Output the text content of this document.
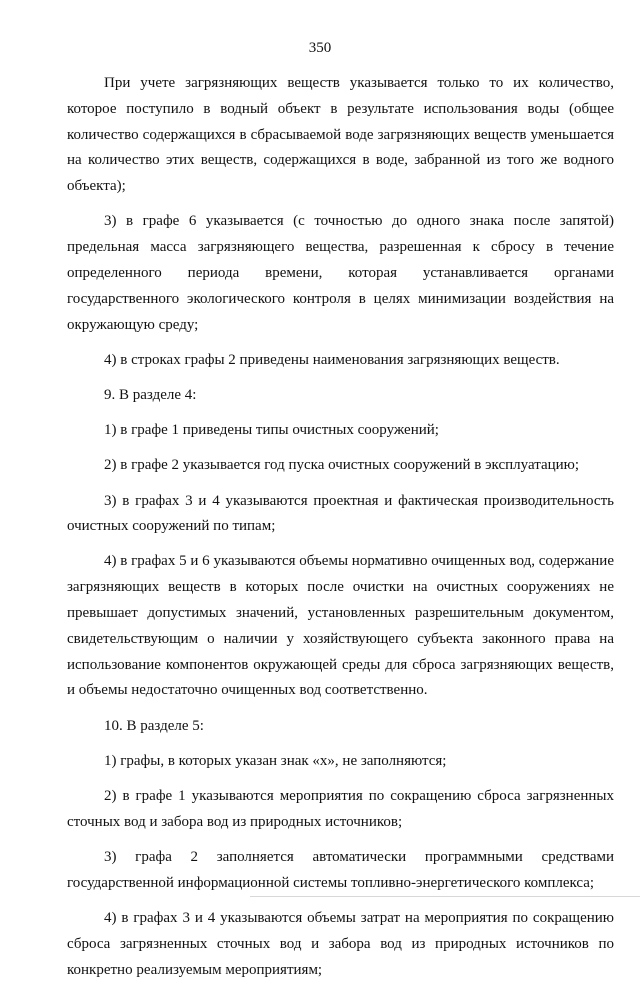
350

При учете загрязняющих веществ указывается только то их количество, которое поступило в водный объект в результате использования воды (общее количество содержащихся в сбрасываемой воде загрязняющих веществ уменьшается на количество этих веществ, содержащихся в воде, забранной из того же водного объекта);

3) в графе 6 указывается (с точностью до одного знака после запятой) предельная масса загрязняющего вещества, разрешенная к сбросу в течение определенного периода времени, которая устанавливается органами государственного экологического контроля в целях минимизации воздействия на окружающую среду;

4) в строках графы 2 приведены наименования загрязняющих веществ.

9. В разделе 4:

1) в графе 1 приведены типы очистных сооружений;

2) в графе 2 указывается год пуска очистных сооружений в эксплуатацию;

3) в графах 3 и 4 указываются проектная и фактическая производительность очистных сооружений по типам;

4) в графах 5 и 6 указываются объемы нормативно очищенных вод, содержание загрязняющих веществ в которых после очистки на очистных сооружениях не превышает допустимых значений, установленных разрешительным документом, свидетельствующим о наличии у хозяйствующего субъекта законного права на использование компонентов окружающей среды для сброса загрязняющих веществ, и объемы недостаточно очищенных вод соответственно.

10. В разделе 5:

1) графы, в которых указан знак «х», не заполняются;

2) в графе 1 указываются мероприятия по сокращению сброса загрязненных сточных вод и забора вод из природных источников;

3) графа 2 заполняется автоматически программными средствами государственной информационной системы топливно-энергетического комплекса;

4) в графах 3 и 4 указываются объемы затрат на мероприятия по сокращению сброса загрязненных сточных вод и забора вод из природных источников по конкретно реализуемым мероприятиям;
